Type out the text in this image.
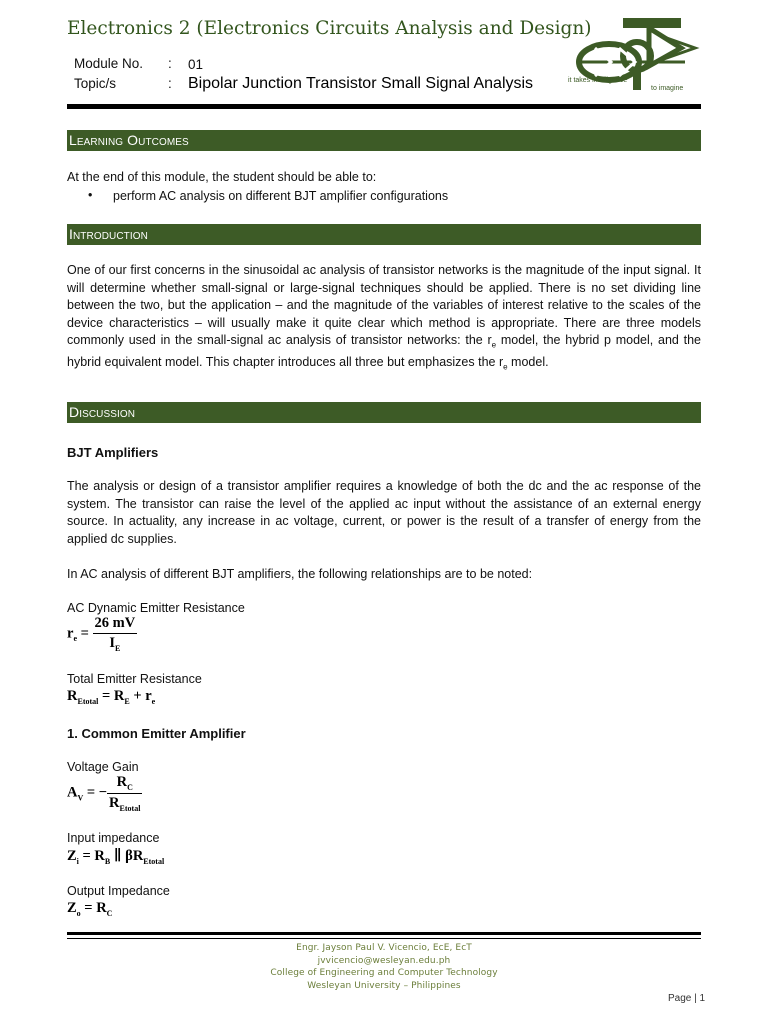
Electronics 2 (Electronics Circuits Analysis and Design)
Module No. : 01
Topic/s	: Bipolar Junction Transistor Small Signal Analysis	it takes intelligence
to imagine
Learning Outcomes
At the end of this module, the student should be able to:
• perform AC analysis on different BJT amplifier configurations
Introduction
One of our first concerns in the sinusoidal ac analysis of transistor networks is the magnitude of the input signal. It will determine whether small-signal or large-signal techniques should be applied. There is no set dividing line between the two, but the application – and the magnitude of the variables of interest relative to the scales of the device characteristics – will usually make it quite clear which method is appropriate. There are three models commonly used in the small-signal ac analysis of transistor networks: the $r_e$ model, the hybrid p model, and the hybrid equivalent model. This chapter introduces all three but emphasizes the $r_e$ model.
Discussion
BJT Amplifiers
The analysis or design of a transistor amplifier requires a knowledge of both the dc and the ac response of the system. The transistor can raise the level of the applied ac input without the assistance of an external energy source. In actuality, any increase in ac voltage, current, or power is the result of a transfer of energy from the applied dc supplies.
In AC analysis of different BJT amplifiers, the following relationships are to be noted:
AC Dynamic Emitter Resistance
$r_e = \frac{26 mV}{I_E}$
Total Emitter Resistance
$R_{Etotal} = R_E + r_e$
1. Common Emitter Amplifier
Voltage Gain
$A_V$ = − $\frac{R_C}{R_{Etotal}}$
Input impedance
$Z_i = R_B$ ∥ $\beta R_{Etotal}$
Output Impedance
$Z_o = R_C$
Engr. Jayson Paul V. Vicencio, EcE, EcT
jvvicencio@wesleyan.edu.ph
College of Engineering and Computer Technology
Wesleyan University – Philippines
Page | 1
